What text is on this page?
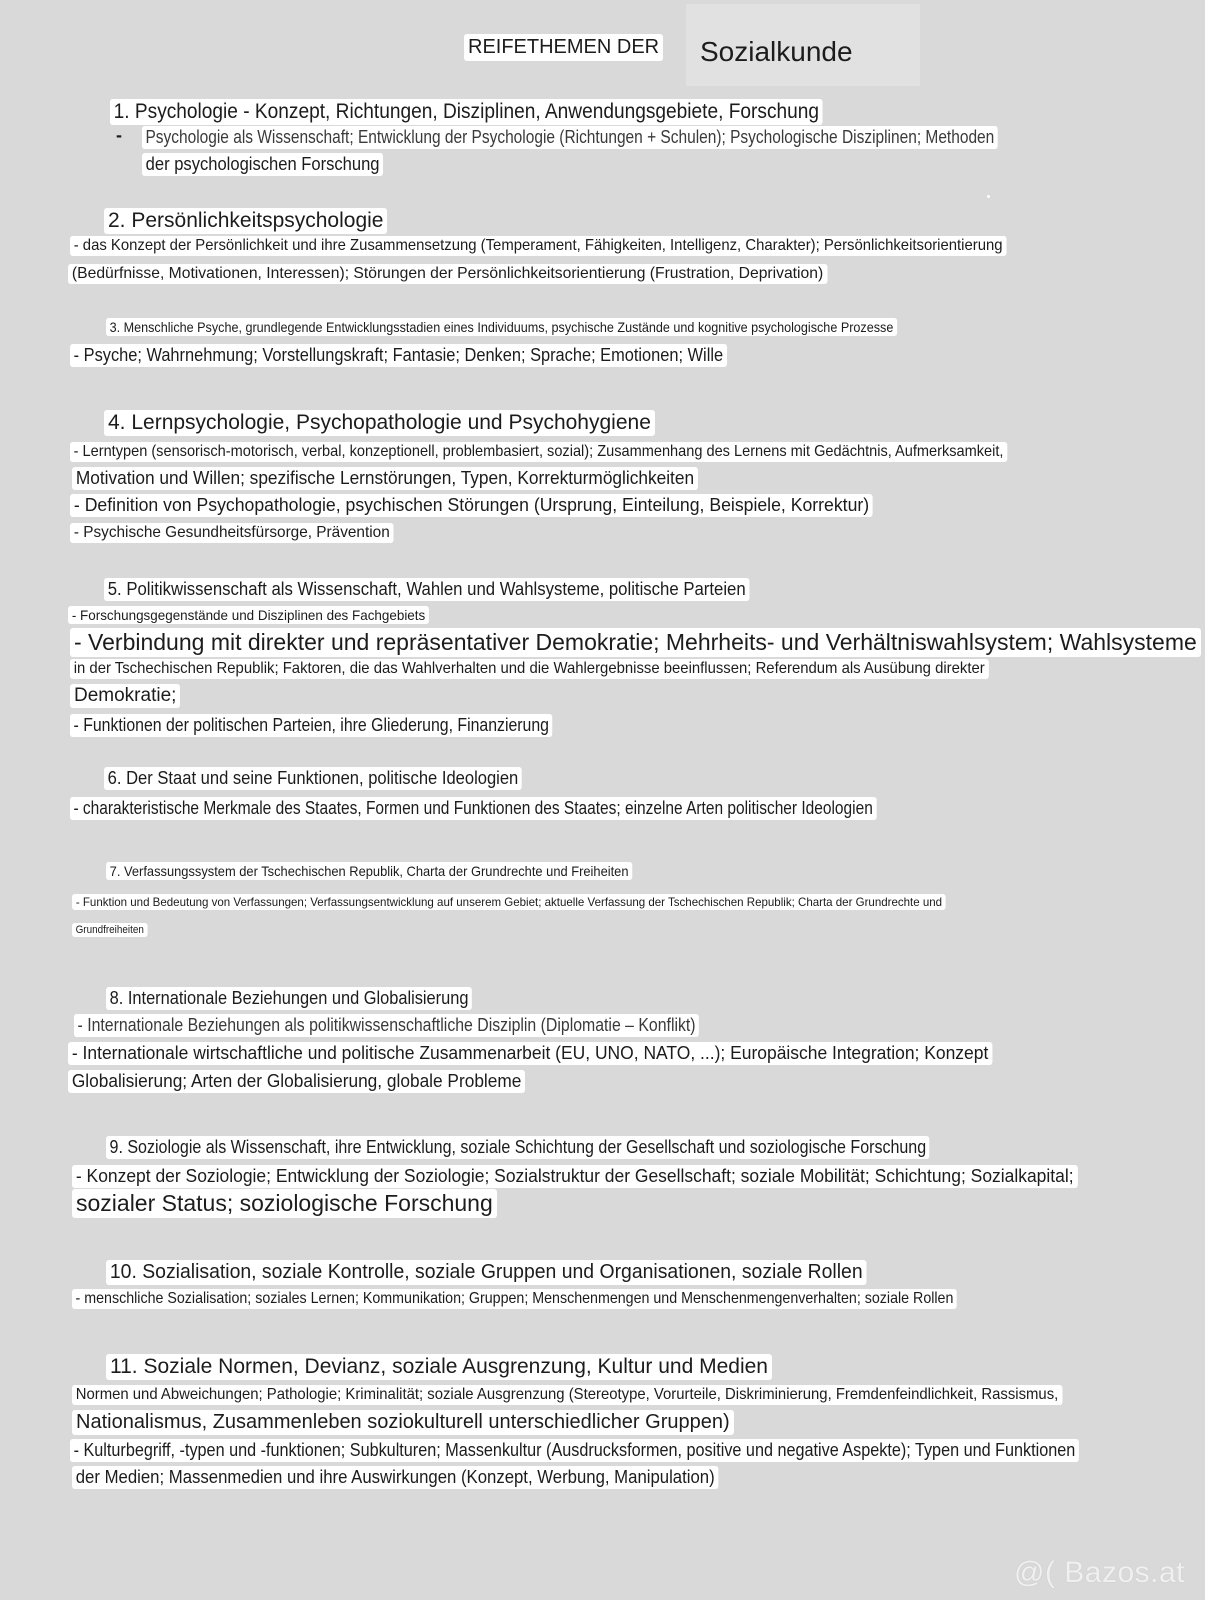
Sozialkunde
REIFETHEMEN DER
1. Psychologie - Konzept, Richtungen, Disziplinen, Anwendungsgebiete, Forschung
- Psychologie als Wissenschaft; Entwicklung der Psychologie (Richtungen + Schulen); Psychologische Disziplinen; Methoden
der psychologischen Forschung
2. Persönlichkeitspsychologie
- das Konzept der Persönlichkeit und ihre Zusammensetzung (Temperament, Fähigkeiten, Intelligenz, Charakter); Persönlichkeitsorientierung
(Bedürfnisse, Motivationen, Interessen); Störungen der Persönlichkeitsorientierung (Frustration, Deprivation)
3. Menschliche Psyche, grundlegende Entwicklungsstadien eines Individuums, psychische Zustände und kognitive psychologische Prozesse
- Psyche; Wahrnehmung; Vorstellungskraft; Fantasie; Denken; Sprache; Emotionen; Wille
4. Lernpsychologie, Psychopathologie und Psychohygiene
- Lerntypen (sensorisch-motorisch, verbal, konzeptionell, problembasiert, sozial); Zusammenhang des Lernens mit Gedächtnis, Aufmerksamkeit,
Motivation und Willen; spezifische Lernstörungen, Typen, Korrekturmöglichkeiten
- Definition von Psychopathologie, psychischen Störungen (Ursprung, Einteilung, Beispiele, Korrektur)
- Psychische Gesundheitsfürsorge, Prävention
5. Politikwissenschaft als Wissenschaft, Wahlen und Wahlsysteme, politische Parteien
- Forschungsgegenstände und Disziplinen des Fachgebiets
- Verbindung mit direkter und repräsentativer Demokratie; Mehrheits- und Verhältniswahlsystem; Wahlsysteme
in der Tschechischen Republik; Faktoren, die das Wahlverhalten und die Wahlergebnisse beeinflussen; Referendum als Ausübung direkter
Demokratie;
- Funktionen der politischen Parteien, ihre Gliederung, Finanzierung
6. Der Staat und seine Funktionen, politische Ideologien
- charakteristische Merkmale des Staates, Formen und Funktionen des Staates; einzelne Arten politischer Ideologien
7. Verfassungssystem der Tschechischen Republik, Charta der Grundrechte und Freiheiten
- Funktion und Bedeutung von Verfassungen; Verfassungsentwicklung auf unserem Gebiet; aktuelle Verfassung der Tschechischen Republik; Charta der Grundrechte und
Grundfreiheiten
8. Internationale Beziehungen und Globalisierung
- Internationale Beziehungen als politikwissenschaftliche Disziplin (Diplomatie – Konflikt)
- Internationale wirtschaftliche und politische Zusammenarbeit (EU, UNO, NATO, ...); Europäische Integration; Konzept
Globalisierung; Arten der Globalisierung, globale Probleme
9. Soziologie als Wissenschaft, ihre Entwicklung, soziale Schichtung der Gesellschaft und soziologische Forschung
- Konzept der Soziologie; Entwicklung der Soziologie; Sozialstruktur der Gesellschaft; soziale Mobilität; Schichtung; Sozialkapital;
sozialer Status; soziologische Forschung
10. Sozialisation, soziale Kontrolle, soziale Gruppen und Organisationen, soziale Rollen
- menschliche Sozialisation; soziales Lernen; Kommunikation; Gruppen; Menschenmengen und Menschenmengenverhalten; soziale Rollen
11. Soziale Normen, Devianz, soziale Ausgrenzung, Kultur und Medien
Normen und Abweichungen; Pathologie; Kriminalität; soziale Ausgrenzung (Stereotype, Vorurteile, Diskriminierung, Fremdenfeindlichkeit, Rassismus,
Nationalismus, Zusammenleben soziokulturell unterschiedlicher Gruppen)
- Kulturbegriff, -typen und -funktionen; Subkulturen; Massenkultur (Ausdrucksformen, positive und negative Aspekte); Typen und Funktionen
der Medien; Massenmedien und ihre Auswirkungen (Konzept, Werbung, Manipulation)
@( Bazos.at
